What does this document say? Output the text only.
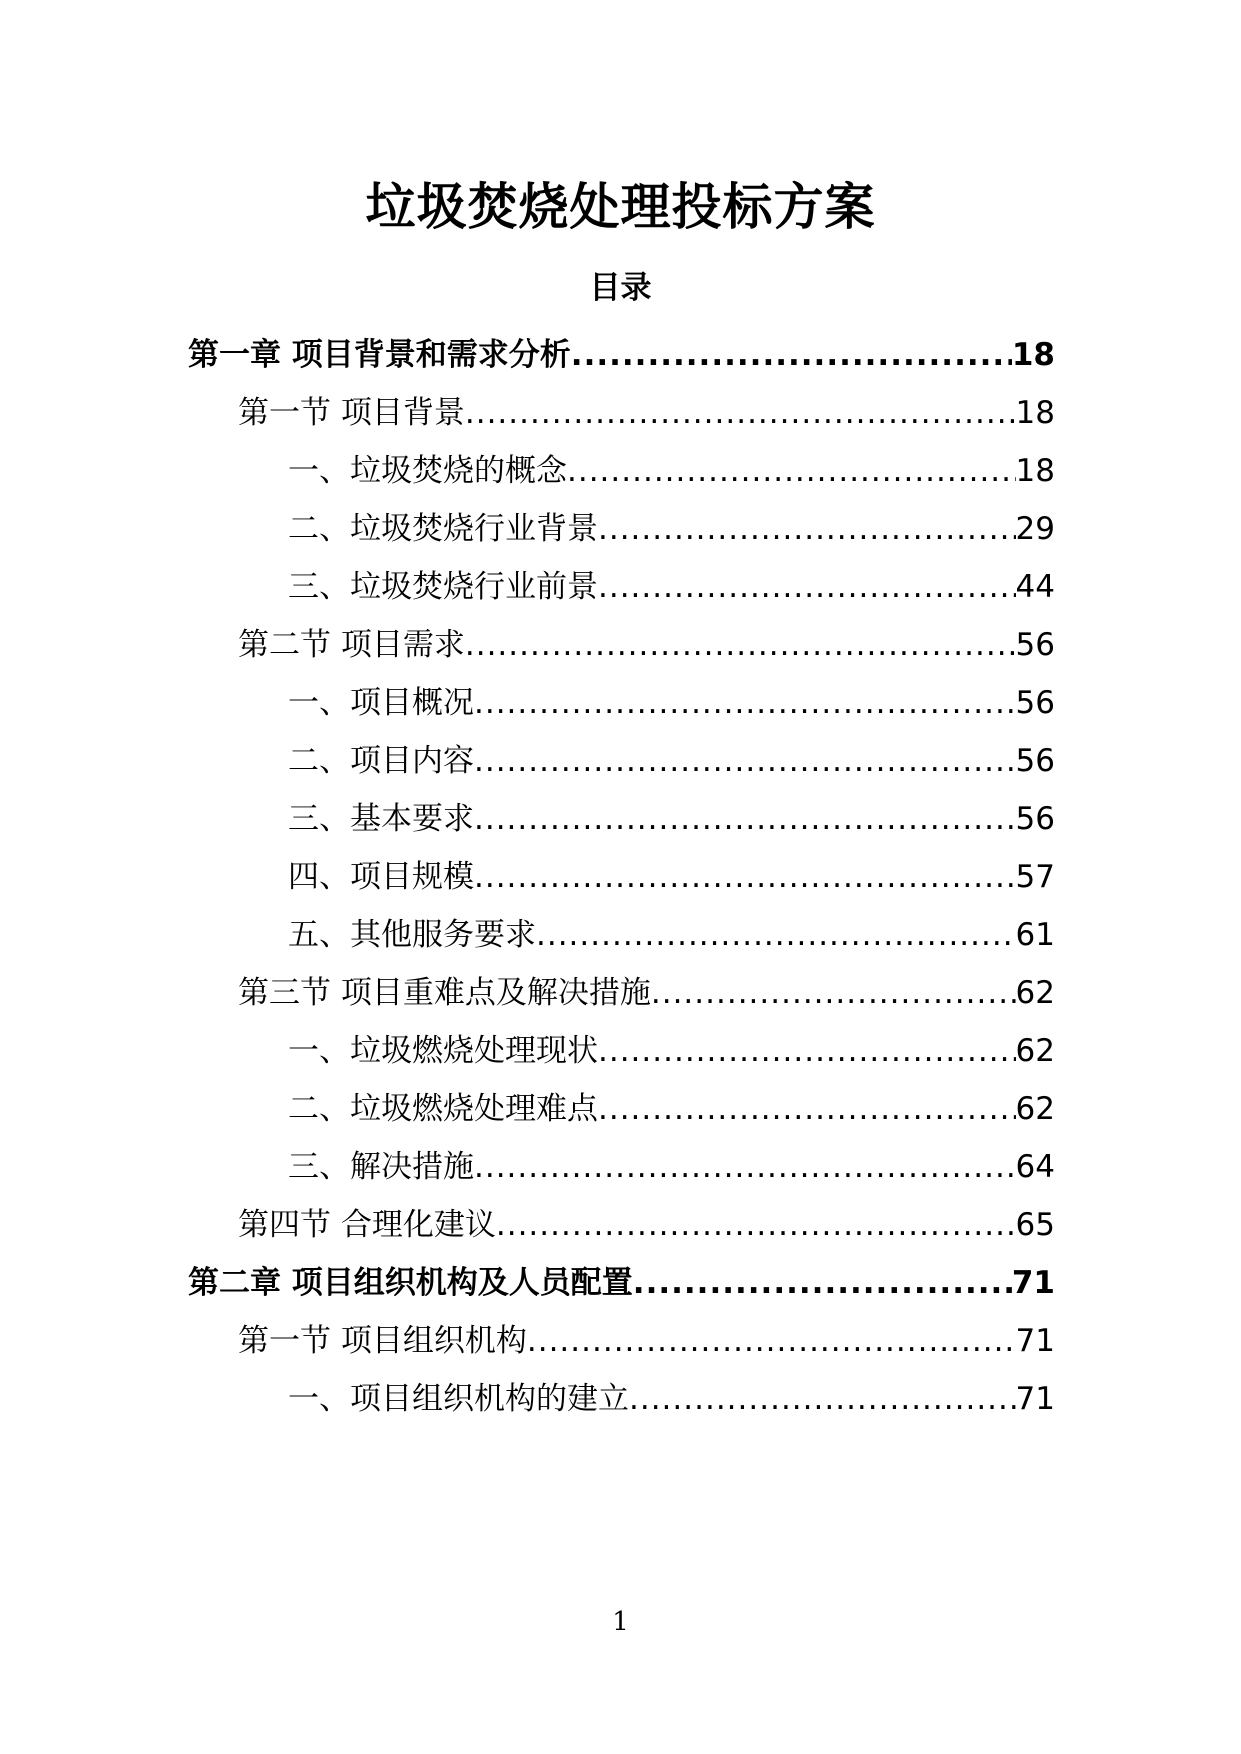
垃圾焚烧处理投标方案
目录
第一章 项目背景和需求分析 .....	18
第一节 项目背景 .....	18
一、垃圾焚烧的概念 .....	18
二、垃圾焚烧行业背景 .....	29
三、垃圾焚烧行业前景 .....	44
第二节 项目需求 .....	56
一、项目概况 .....	56
二、项目内容 .....	56
三、基本要求 .....	56
四、项目规模 .....	57
五、其他服务要求 .....	61
第三节 项目重难点及解决措施 .....	62
一、垃圾燃烧处理现状 .....	62
二、垃圾燃烧处理难点 .....	62
三、解决措施 .....	64
第四节 合理化建议 .....	65
第二章 项目组织机构及人员配置 .....	71
第一节 项目组织机构 .....	71
一、项目组织机构的建立 .....	71
1
